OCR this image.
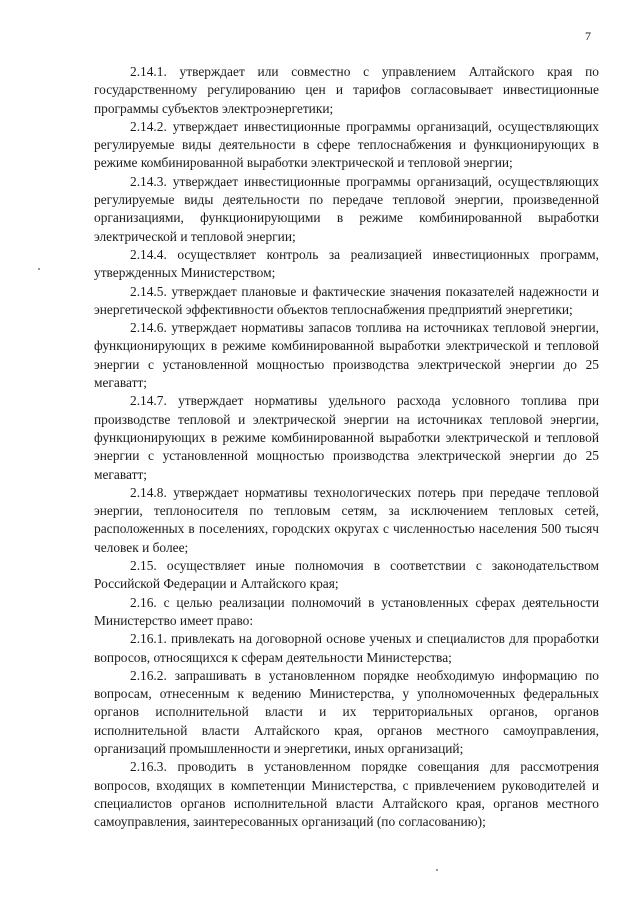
7

2.14.1. утверждает или совместно с управлением Алтайского края по государственному регулированию цен и тарифов согласовывает инвестиционные программы субъектов электроэнергетики;

2.14.2. утверждает инвестиционные программы организаций, осуществляющих регулируемые виды деятельности в сфере теплоснабжения и функционирующих в режиме комбинированной выработки электрической и тепловой энергии;

2.14.3. утверждает инвестиционные программы организаций, осуществляющих регулируемые виды деятельности по передаче тепловой энергии, произведенной организациями, функционирующими в режиме комбинированной выработки электрической и тепловой энергии;

2.14.4. осуществляет контроль за реализацией инвестиционных программ, утвержденных Министерством;

2.14.5. утверждает плановые и фактические значения показателей надежности и энергетической эффективности объектов теплоснабжения предприятий энергетики;

2.14.6. утверждает нормативы запасов топлива на источниках тепловой энергии, функционирующих в режиме комбинированной выработки электрической и тепловой энергии с установленной мощностью производства электрической энергии до 25 мегаватт;

2.14.7. утверждает нормативы удельного расхода условного топлива при производстве тепловой и электрической энергии на источниках тепловой энергии, функционирующих в режиме комбинированной выработки электрической и тепловой энергии с установленной мощностью производства электрической энергии до 25 мегаватт;

2.14.8. утверждает нормативы технологических потерь при передаче тепловой энергии, теплоносителя по тепловым сетям, за исключением тепловых сетей, расположенных в поселениях, городских округах с численностью населения 500 тысяч человек и более;

2.15. осуществляет иные полномочия в соответствии с законодательством Российской Федерации и Алтайского края;

2.16. с целью реализации полномочий в установленных сферах деятельности Министерство имеет право:

2.16.1. привлекать на договорной основе ученых и специалистов для проработки вопросов, относящихся к сферам деятельности Министерства;

2.16.2. запрашивать в установленном порядке необходимую информацию по вопросам, отнесенным к ведению Министерства, у уполномоченных федеральных органов исполнительной власти и их территориальных органов, органов исполнительной власти Алтайского края, органов местного самоуправления, организаций промышленности и энергетики, иных организаций;

2.16.3. проводить в установленном порядке совещания для рассмотрения вопросов, входящих в компетенции Министерства, с привлечением руководителей и специалистов органов исполнительной власти Алтайского края, органов местного самоуправления, заинтересованных организаций (по согласованию);
